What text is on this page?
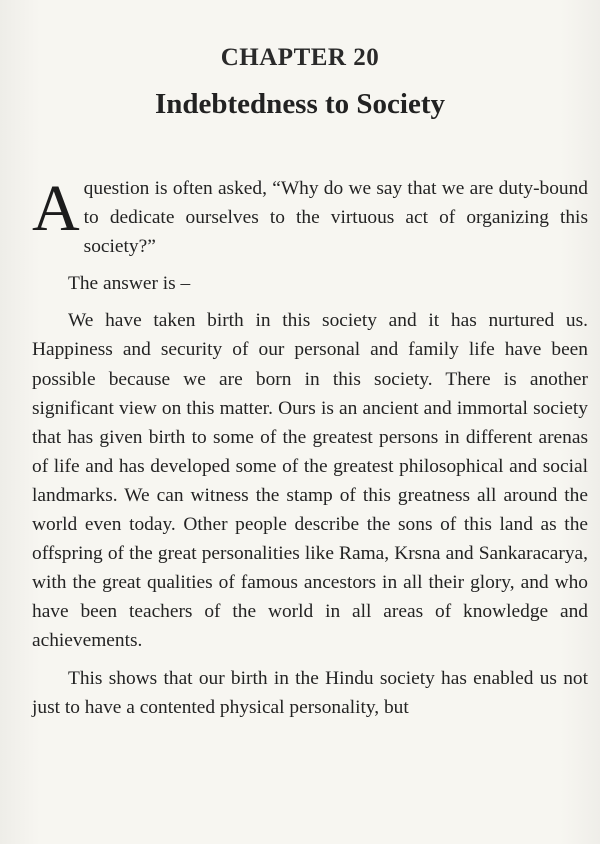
CHAPTER 20
Indebtedness to Society

Aquestion is often asked, “Why do we say that we are duty-bound to dedicate ourselves to the virtuous act of organizing this society?”

The answer is –

We have taken birth in this society and it has nurtured us. Happiness and security of our personal and family life have been possible because we are born in this society. There is another significant view on this matter. Ours is an ancient and immortal society that has given birth to some of the greatest persons in different arenas of life and has developed some of the greatest philosophical and social landmarks. We can witness the stamp of this greatness all around the world even today. Other people describe the sons of this land as the offspring of the great personalities like Rama, Krsna and Sankaracarya, with the great qualities of famous ancestors in all their glory, and who have been teachers of the world in all areas of knowledge and achievements.

This shows that our birth in the Hindu society has enabled us not just to have a contented physical personality, but
